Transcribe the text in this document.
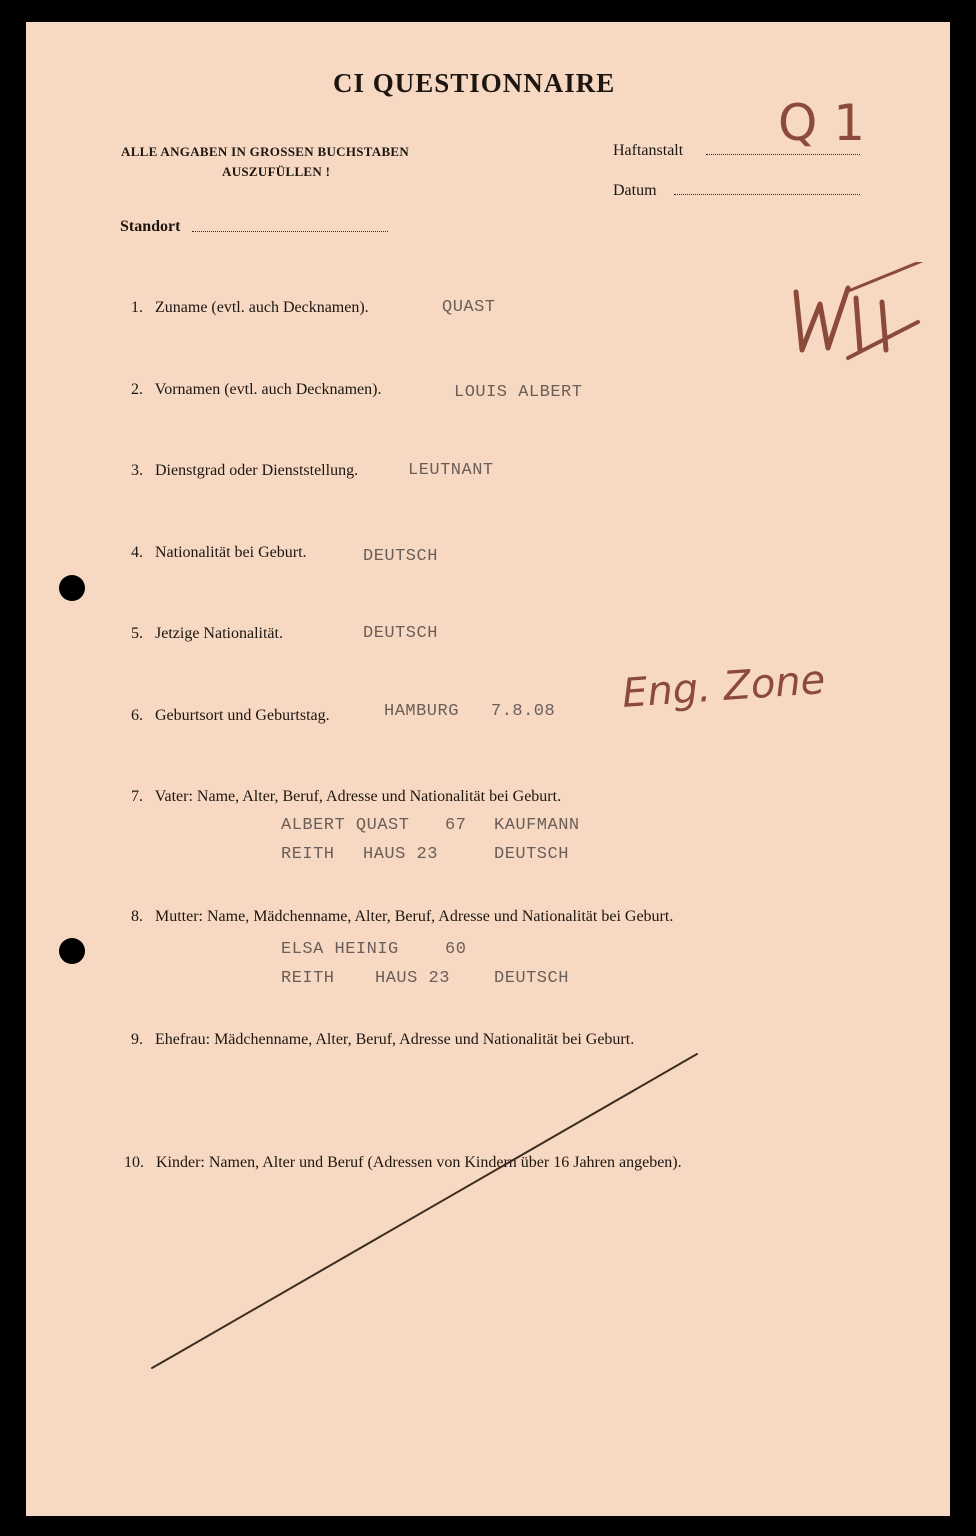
CI QUESTIONNAIRE
ALLE ANGABEN IN GROSSEN BUCHSTABEN
AUSZUFÜLLEN !
Haftanstalt Q 1
Datum
Standort
1. Zuname (evtl. auch Decknamen).	QUAST
2. Vornamen (evtl. auch Decknamen).	LOUIS ALBERT
3. Dienstgrad oder Dienststellung.	LEUTNANT
4. Nationalität bei Geburt.	DEUTSCH
5. Jetzige Nationalität.	DEUTSCH
6. Geburtsort und Geburtstag.	HAMBURG 7.8.08 Eng. Zone
7. Vater: Name, Alter, Beruf, Adresse und Nationalität bei Geburt.
ALBERT QUAST 67 KAUFMANN
REITH HAUS 23	DEUTSCH
8. Mutter: Name, Mädchenname, Alter, Beruf, Adresse und Nationalität bei Geburt.
ELSA HEINIG	60
REITH HAUS 23	DEUTSCH
9. Ehefrau: Mädchenname, Alter, Beruf, Adresse und Nationalität bei Geburt.
10. Kinder: Namen, Alter und Beruf (Adressen von Kindern über 16 Jahren angeben).
